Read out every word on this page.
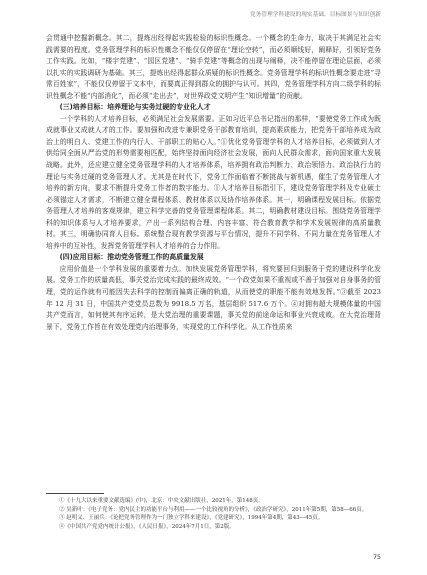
党务管理学科建设的现实基础、目标图景与知识创新

会贯通中挖掘新概念。其二，提炼出经得起实践检验的标识性概念。一个概念的生命力，取决于其满足社会实践需要的程度。党务管理学科的标识性概念不能仅仅停留在“理论空转”，而必须顺线好，阐释好，引领好党务工作实践。比如，“楼宇党建”、“园区党建”、“骑手党建”等概念的出现与阐释，决不能停留在理论层面，必须以扎实的实践调研为基础。其三，提炼出经得起群众质疑的标识性概念。党务管理学科的标识性概念要走进“寻常百姓家”，不能仅仅停留于文本中，而要真正得到群众的拥护与认可。其四，党务管理学科方向二级学科的标识性概念不能“内部消化”，而必须“走出去”，对世界政党文明产生“知识增量”的贡献。

(三)培养目标：培养理论与实务过硬的专业化人才

一个学科的人才培养目标，必须满足社会发展需要。正如习近平总书记指出的那样，“要使党务工作成为既成就事业又成就人才的工作。要加强和改进专兼职党务干部教育培训，提高素质能力，把党务干部培养成为政治上的明白人、党建工作的内行人、干部职工的贴心人。”①优化党务管理学科的人才培养目标，必须做到人才供给同全面从严治党的形势需要相匹配，始终坚持面向经济社会发展，面向人民群众需求，面向国家重大发展战略。此外，还应建立健全党务管理学科的人才培养体系，培养拥有政治判断力、政治领悟力、政治执行力的理论与实务过硬的党务管理人才。尤其是在时代下，党务工作面临着不断挑战与新机遇，催生了党务管理人才培养的新方向，要求不断提升党务工作者的数字能力。①人才培养目标指引下，建设党务管理学科及专业硕士必须锚定人才需求，不断建立健全课程体系、教材体系以及协作培养体系。其一，明确课程发展目标。依据党务管理人才培养的客观规律，建立科学完善的党务管理课程体系。其二，明确教材建设目标。围绕党务管理学科的知识体系与人才培养要求，产出一系列结构合理、内容丰富、符合教育教学和学术发展规律的高质量教材。其三，明确协同育人目标。系统整合现有教学资源与平台情况，提升不同学科、不同力量在党务管理人才培养中的互补性，发挥党务管理学科人才培养的合力作用。

(四)应用目标：推动党务管理工作的高质量发展

应用价值是一个学科发展的重要着力点。加快发展党务管理学科，将究要回归到服务于党的建设科学化发展。党务工作的质量高低，事关党治完成实践的最终成效。“一个政党如果不重视或不善于加强对自身事务的管理，党的运作就有可能因失去科学的控制而偏离正确的轨道，从而使党的职能不能有效地发挥。”③截至 2023 年 12 月 31 日，中国共产党党员总数为 9918.5 万名，基层组织 517.6 万个。④对拥有超大规模体量的中国共产党而言，如何使其有序运转，是大党治理的重要课题，事关党的前途命运和事业兴衰成败。在大党治理背景下，党务工作旨在有效处理党内治理事务，实现党的工作科学化。从工作性质来

①《十九大以来重要文献选编》(中)，北京：中央文献出版社，2021年，第148页。

② 吴新叶：《电子党务：党内民主的功能平台与利用——一个比较视角的分析》，《政治学研究》，2011年第5期，第58—66页。

③ 赵明义、王丽兵：《论把党务管理作为一门独立学科来建设》，《党建研究》，1994年第4期，第43—45页。

④《中国共产党党内统计公报》，《人民日报》，2024年7月1日，第2版。

75
